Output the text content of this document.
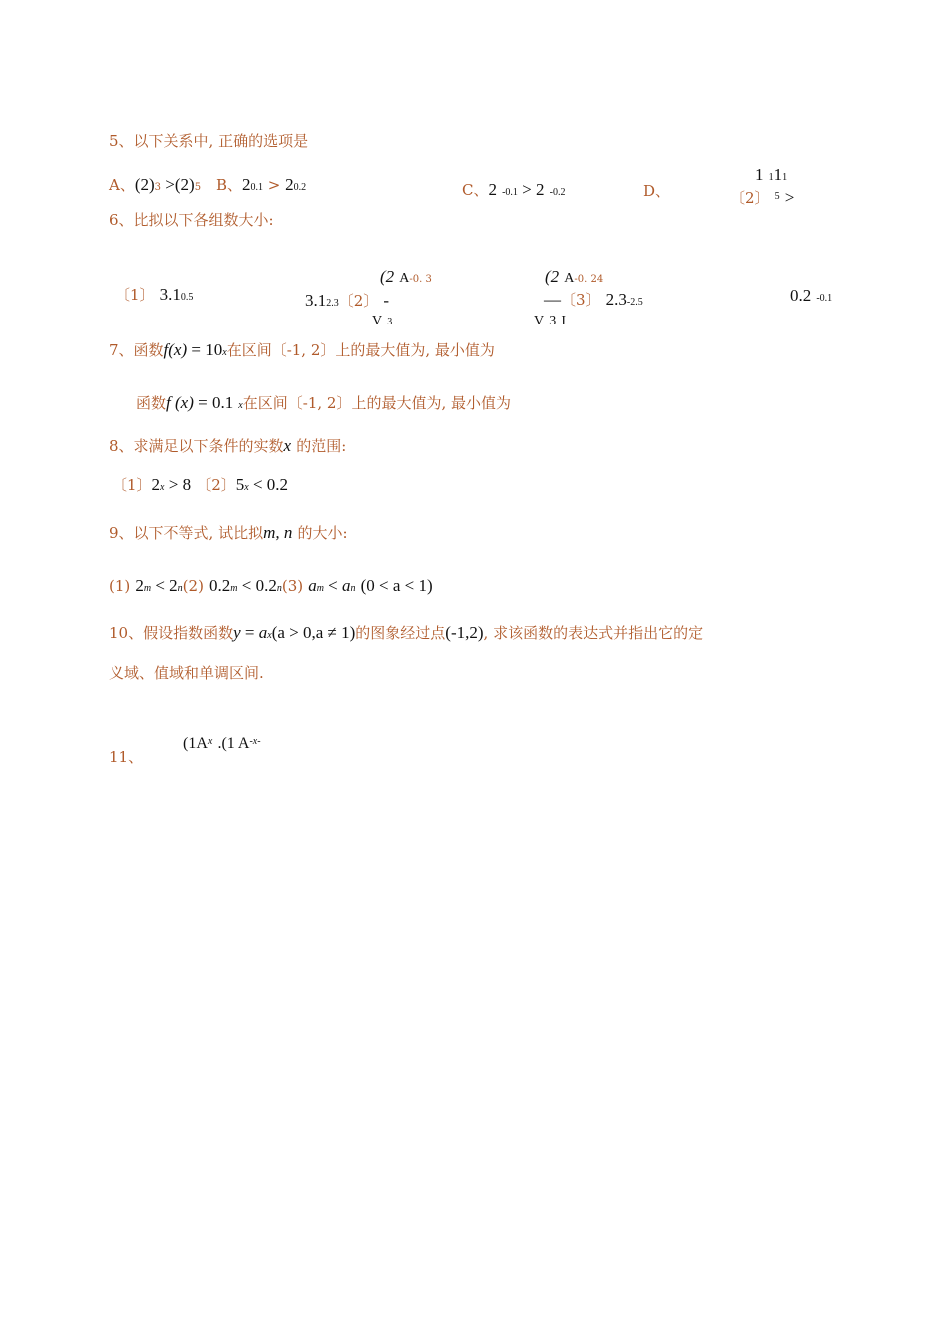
5、以下关系中, 正确的选项是
A、(2)3 >(2)5 B、20.1 > 20.2	C、2 -0.1 > 2 -0.2	D、
1 111
〔2〕 $^5$ >
6、比拟以下各组数大小:
〔1〕 3.10.5	3.12.3〔2〕 -
(2 A-0. 3
V 3
(2 A-0. 24
—〔3〕 2.3-2.5
V 3 I
0.2 -0.1
7、函数f(x) = 10x在区间〔-1, 2〕上的最大值为, 最小值为
函数f (x) = 0.1 x在区间〔-1, 2〕上的最大值为, 最小值为
8、求满足以下条件的实数x 的范围:
〔1〕2x > 8 〔2〕5x < 0.2
9、以下不等式, 试比拟m, n 的大小:
(1) 2m < 2n(2) 0.2m < 0.2n(3) am < an (0 < a < 1)
10、假设指数函数y = ax(a > 0,a ≠ 1)的图象经过点(-1,2), 求该函数的表达式并指出它的定
义域、值域和单调区间.
11、
($1A^x$ .(1 $A^{-x-}$
